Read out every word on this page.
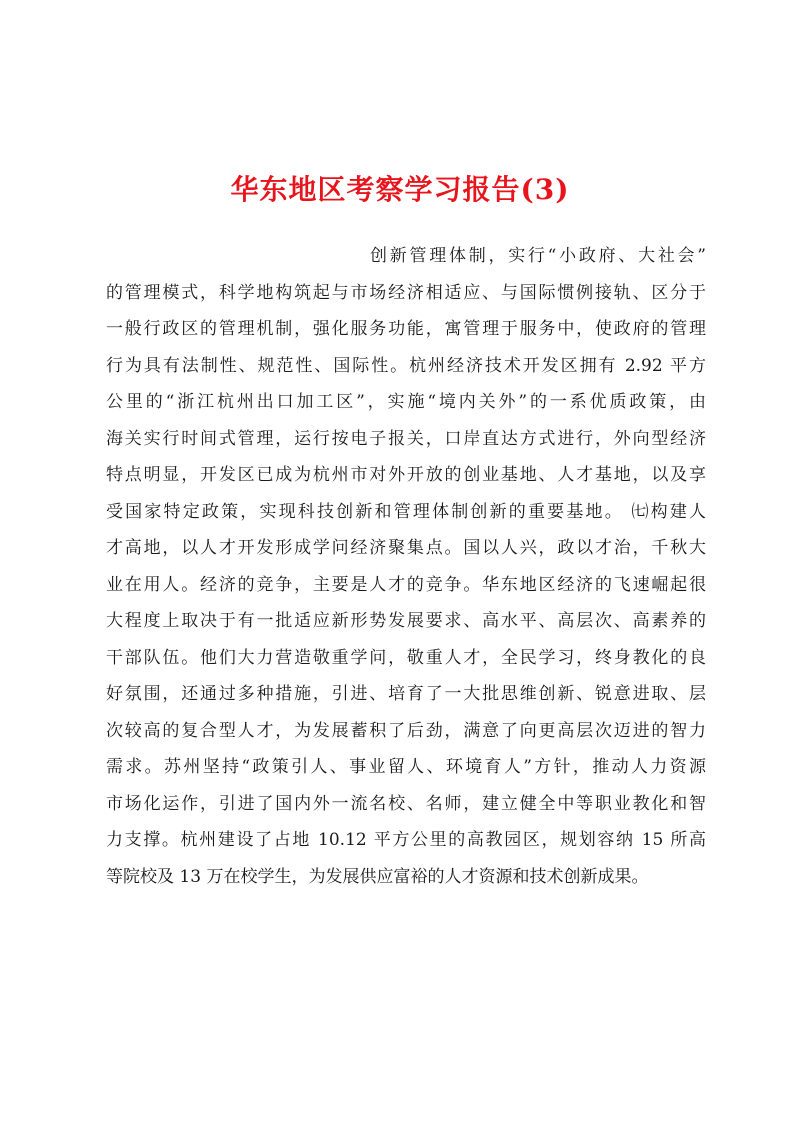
华东地区考察学习报告(3)
创新管理体制，实行“小政府、大社会”
的管理模式，科学地构筑起与市场经济相适应、与国际惯例接轨、区分于
一般行政区的管理机制，强化服务功能，寓管理于服务中，使政府的管理
行为具有法制性、规范性、国际性。杭州经济技术开发区拥有 2.92 平方
公里的“浙江杭州出口加工区”，实施“境内关外”的一系优质政策，由
海关实行时间式管理，运行按电子报关，口岸直达方式进行，外向型经济
特点明显，开发区已成为杭州市对外开放的创业基地、人才基地，以及享
受国家特定政策，实现科技创新和管理体制创新的重要基地。 ㈦构建人
才高地，以人才开发形成学问经济聚集点。国以人兴，政以才治，千秋大
业在用人。经济的竞争，主要是人才的竞争。华东地区经济的飞速崛起很
大程度上取决于有一批适应新形势发展要求、高水平、高层次、高素养的
干部队伍。他们大力营造敬重学问，敬重人才，全民学习，终身教化的良
好氛围，还通过多种措施，引进、培育了一大批思维创新、锐意进取、层
次较高的复合型人才，为发展蓄积了后劲，满意了向更高层次迈进的智力
需求。苏州坚持“政策引人、事业留人、环境育人”方针，推动人力资源
市场化运作，引进了国内外一流名校、名师，建立健全中等职业教化和智
力支撑。杭州建设了占地 10.12 平方公里的高教园区，规划容纳 15 所高
等院校及 13 万在校学生，为发展供应富裕的人才资源和技术创新成果。
